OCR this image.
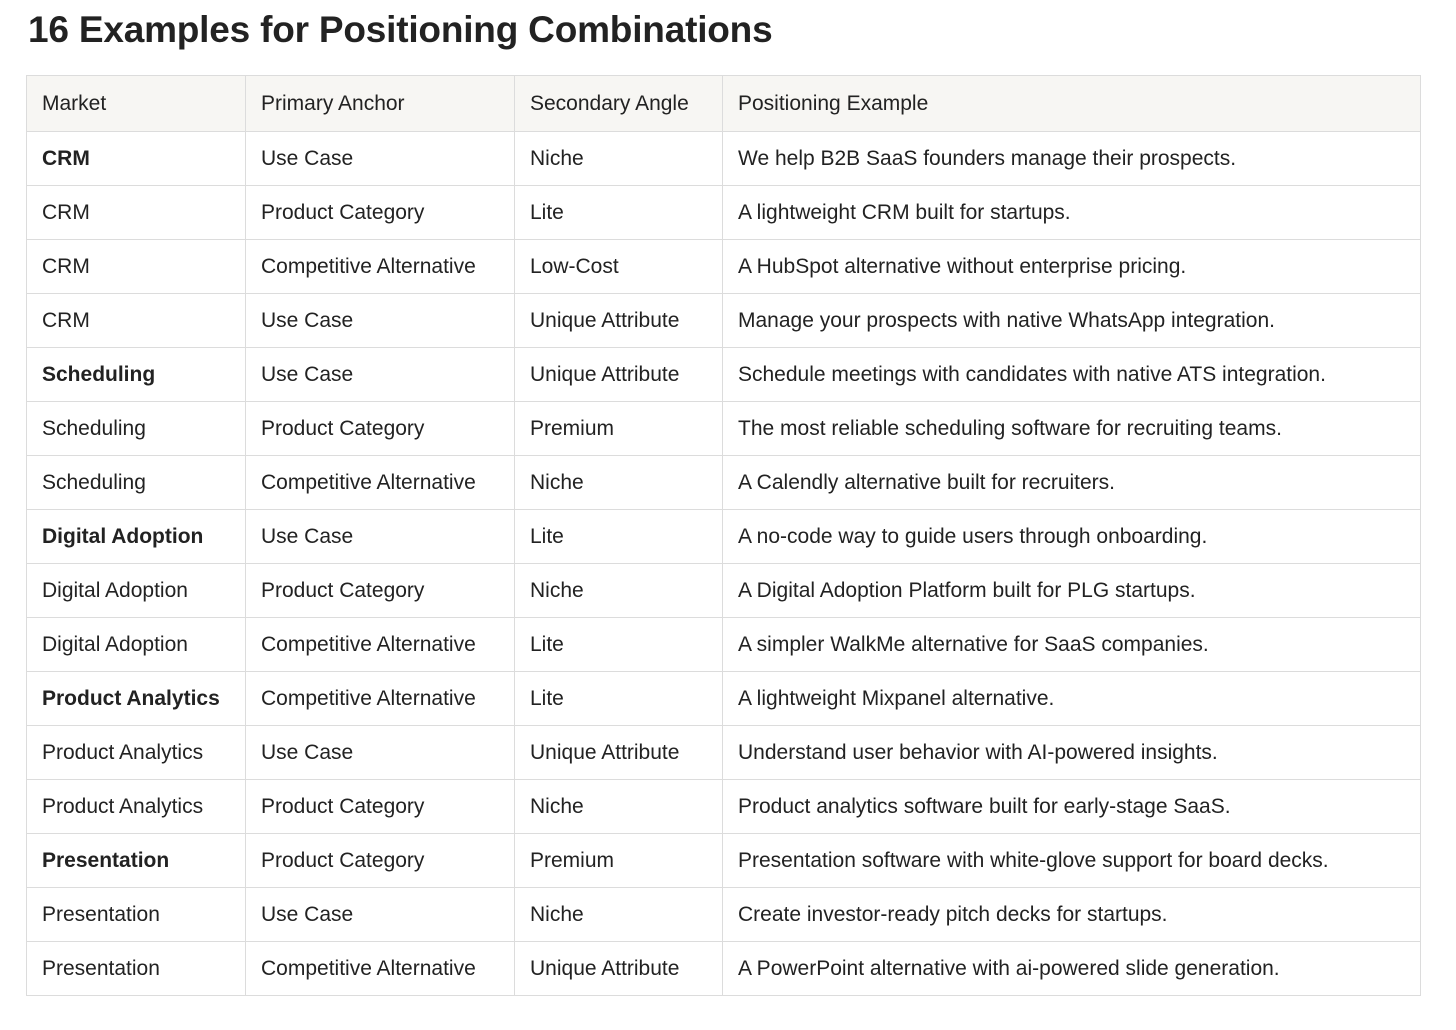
16 Examples for Positioning Combinations
Market	Primary Anchor	Secondary Angle	Positioning Example
CRM	Use Case	Niche	We help B2B SaaS founders manage their prospects.
CRM	Product Category	Lite	A lightweight CRM built for startups.
CRM	Competitive Alternative	Low-Cost	A HubSpot alternative without enterprise pricing.
CRM	Use Case	Unique Attribute	Manage your prospects with native WhatsApp integration.
Scheduling	Use Case	Unique Attribute	Schedule meetings with candidates with native ATS integration.
Scheduling	Product Category	Premium	The most reliable scheduling software for recruiting teams.
Scheduling	Competitive Alternative	Niche	A Calendly alternative built for recruiters.
Digital Adoption	Use Case	Lite	A no-code way to guide users through onboarding.
Digital Adoption	Product Category	Niche	A Digital Adoption Platform built for PLG startups.
Digital Adoption	Competitive Alternative	Lite	A simpler WalkMe alternative for SaaS companies.
Product Analytics	Competitive Alternative	Lite	A lightweight Mixpanel alternative.
Product Analytics	Use Case	Unique Attribute	Understand user behavior with AI-powered insights.
Product Analytics	Product Category	Niche	Product analytics software built for early-stage SaaS.
Presentation	Product Category	Premium	Presentation software with white-glove support for board decks.
Presentation	Use Case	Niche	Create investor-ready pitch decks for startups.
Presentation	Competitive Alternative	Unique Attribute	A PowerPoint alternative with ai-powered slide generation.
